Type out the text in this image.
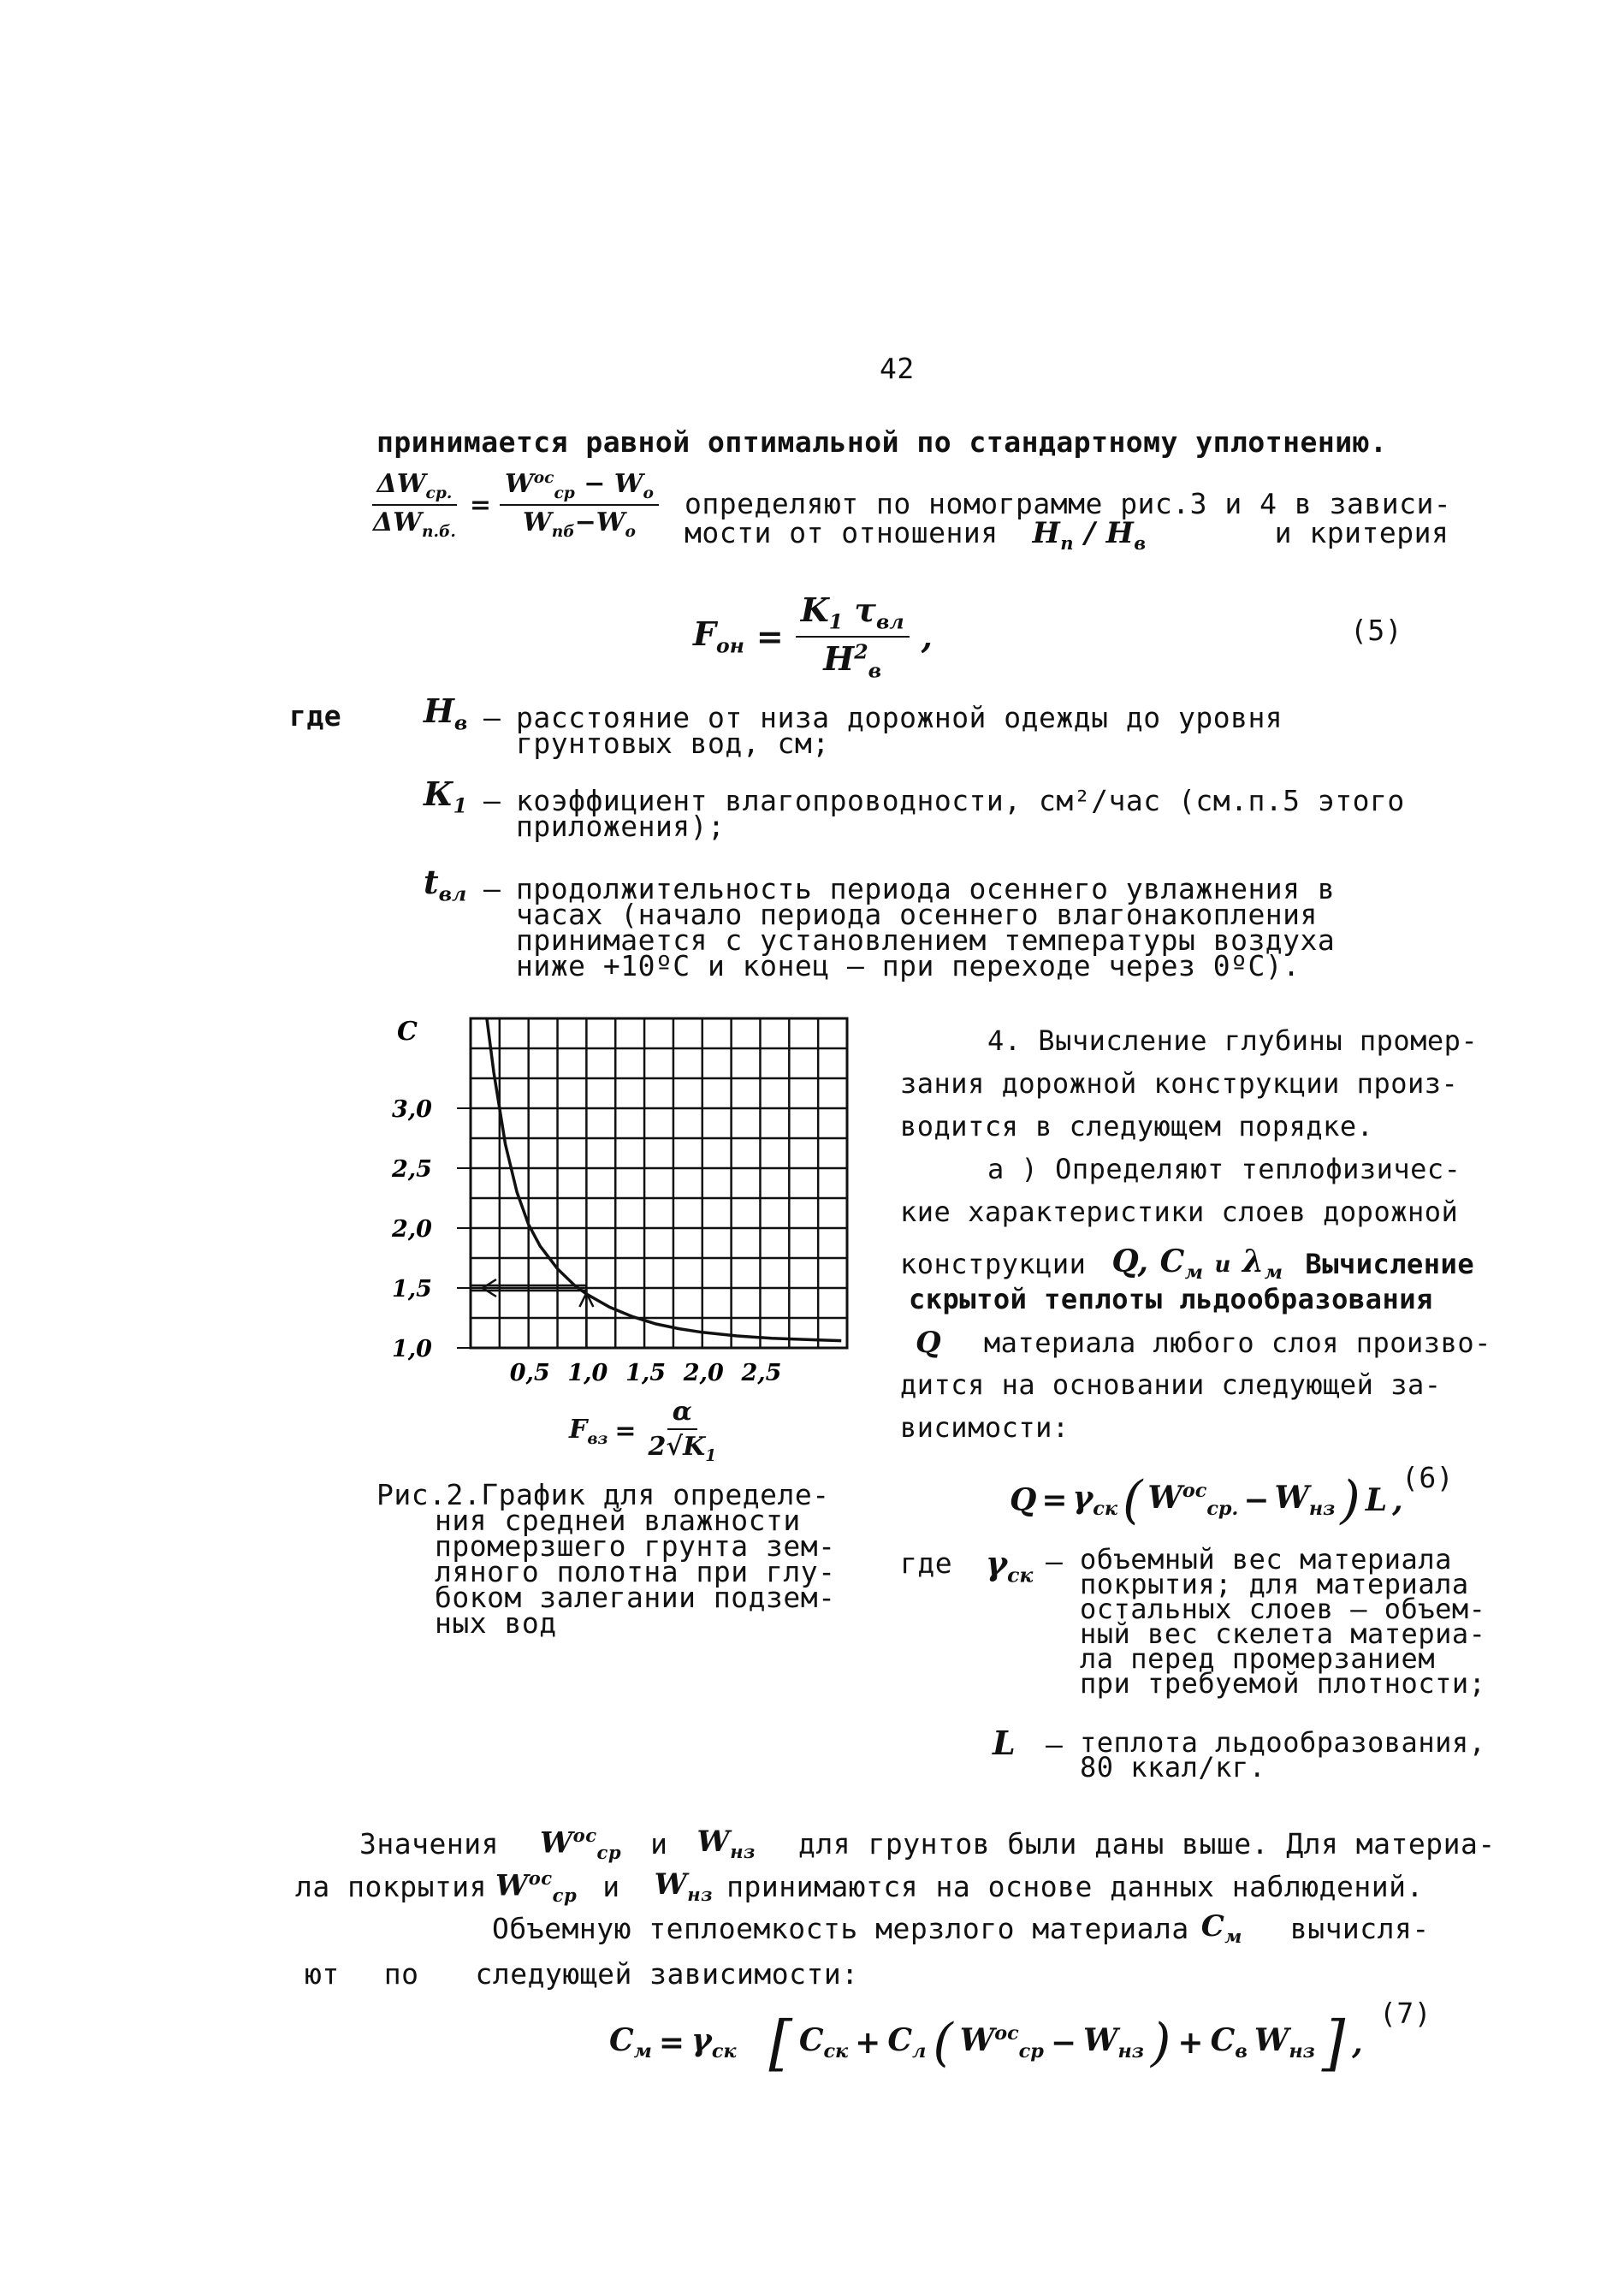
42
принимается равной оптимальной по стандартному уплотнению.
$\frac{\Delta W_{ср.}}{\Delta W_{п.б.}} = \frac{W^{ос}_{ср} - W_о}{W_{пб}-W_о}$ определяют по номограмме рис.3 и 4 в зависи-
мости от отношения $Н_п / Н_в$	и критерия
$F_{он} = \frac{K_1 \tau_{вл}}{Н^2_в}$ ,	(5)
где	$Н_в$ – расстояние от низа дорожной одежды до уровня
грунтовых вод, см;
$К_1$ – коэффициент влагопроводности, см²/час (см.п.5 этого
приложения);
$t_{вл}$ – продолжительность периода осеннего увлажнения в
часах (начало периода осеннего влагонакопления
принимается с установлением температуры воздуха
ниже +10ºС и конец – при переходе через 0ºС).
C
3,0
2,5
2,0
1,5
1,0
0,5 1,0 1,5 2,0 2,5
$F_{вз} = \frac{\alpha}{2√K_1}$
Рис.2.График для определе-
ния средней влажности
промерзшего грунта зем-
ляного полотна при глу-
боком залегании подзем-
ных вод
4. Вычисление глубины промер-
зания дорожной конструкции произ-
водится в следующем порядке.
а ) Определяют теплофизичес-
кие характеристики слоев дорожной
конструкции Q, $С_м$ и $\lambda_м$ Вычисление
скрытой теплоты льдообразования
Q материала любого слоя произво-
дится на основании следующей за-
висимости:
$Q = \gamma_{ск}$ ( $W^{ос}_{ср.} - W_{нз}$ ) L ,
(6)
где $\gamma_{ск}$ – объемный вес материала
покрытия; для материала
остальных слоев – объем-
ный вес скелета материа-
ла перед промерзанием
при требуемой плотности;
L – теплота льдообразования,
80 ккал/кг.
Значения $W^{ос}_{ср}$ и $W_{нз}$ для грунтов были даны выше. Для материа-
ла покрытия $W^{ос}_{ср}$ и $W_{нз}$ принимаются на основе данных наблюдений.
Объемную теплоемкость мерзлого материала $С_м$ вычисля-
ют по следующей зависимости:
$С_м = \gamma_{ск}$ [ $С_{ск} + С_л$ ( $W^{ос}_{ср} - W_{нз}$ ) + $С_в$ $W_{нз}$ ] ,
(7)
